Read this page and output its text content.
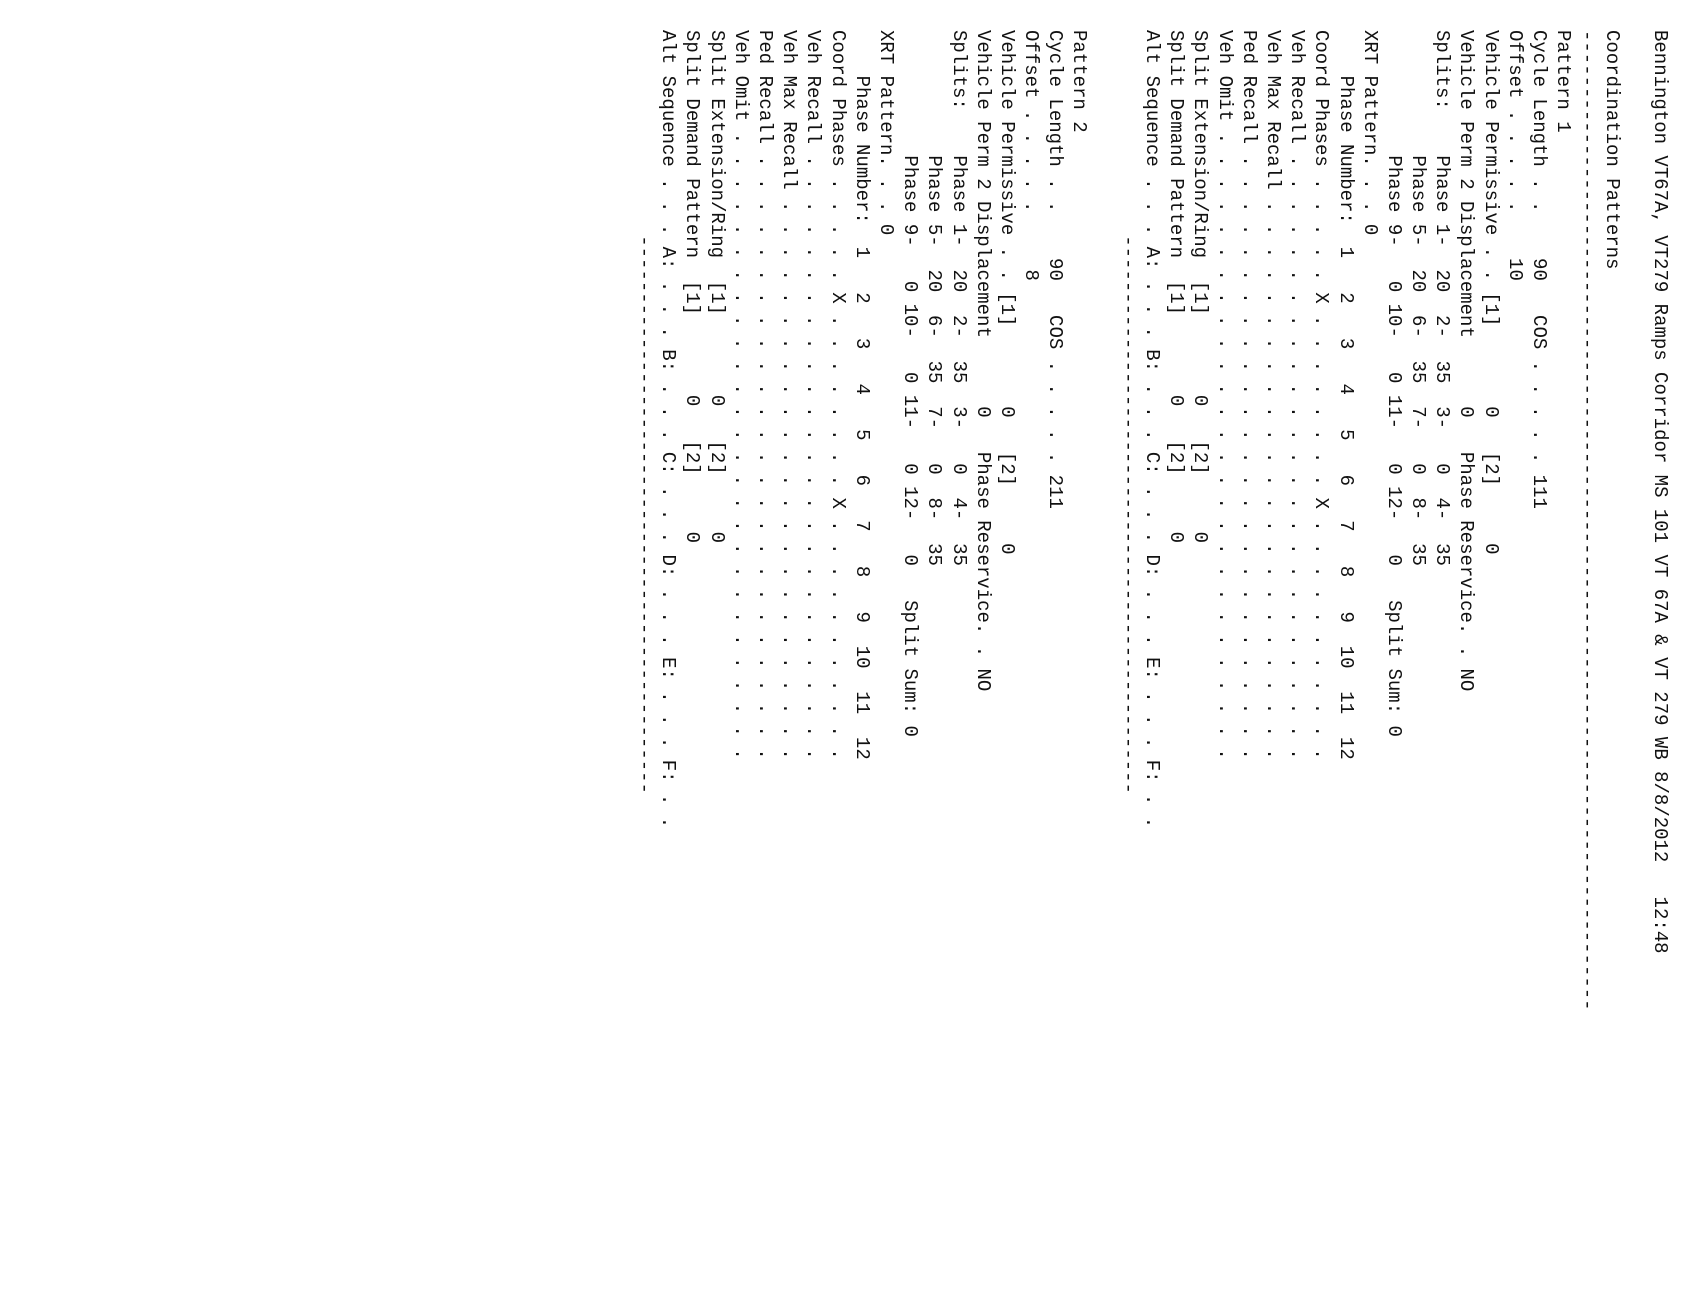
Bennington VT67A, VT279 Ramps Corridor MS 101 VT 67A & VT 279 WB 8/8/2012   12:48
Coordination Patterns
--------------------------------------------------------------------------------------
Pattern 1
Cycle Length . .    90   COS . . . . . 111
Offset . . . . .    10
Vehicle Permissive . . [1]       0   [2]     0
Vehicle Perm 2 Displacement      0   Phase Reservice. . NO
Splits:    Phase 1-  20  2-  35  3-   0  4-  35
Phase 5-  20  6-  35  7-   0  8-  35
Phase 9-   0 10-   0 11-   0 12-   0   Split Sum: 0
XRT Pattern. . . 0
Phase Number:  1   2   3   4   5   6   7   8   9  10  11  12
Coord Phases . . . . . X . . . . . . . . X . . . . . . . . . . .
Veh Recall . . . . . . . . . . . . . . . . . . . . . . . . . . .
Veh Max Recall . . . . . . . . . . . . . . . . . . . . . . . . .
Ped Recall . . . . . . . . . . . . . . . . . . . . . . . . . . .
Veh Omit . . . . . . . . . . . . . . . . . . . . . . . . . . . .
Split Extension/Ring  [1]       0   [2]     0
Split Demand Pattern  [1]       0   [2]     0
Alt Sequence . . . A: . . . B: . . . C: . . . D: . . . E: . . . F: . .
-------------------------------------------------
Pattern 2
Cycle Length . .    90   COS . . . . . 211
Offset . . . . .     8
Vehicle Permissive . . [1]       0   [2]     0
Vehicle Perm 2 Displacement      0   Phase Reservice. . NO
Splits:    Phase 1-  20  2-  35  3-   0  4-  35
Phase 5-  20  6-  35  7-   0  8-  35
Phase 9-   0 10-   0 11-   0 12-   0   Split Sum: 0
XRT Pattern. . . 0
Phase Number:  1   2   3   4   5   6   7   8   9  10  11  12
Coord Phases . . . . . X . . . . . . . . X . . . . . . . . . . .
Veh Recall . . . . . . . . . . . . . . . . . . . . . . . . . . .
Veh Max Recall . . . . . . . . . . . . . . . . . . . . . . . . .
Ped Recall . . . . . . . . . . . . . . . . . . . . . . . . . . .
Veh Omit . . . . . . . . . . . . . . . . . . . . . . . . . . . .
Split Extension/Ring  [1]       0   [2]     0
Split Demand Pattern  [1]       0   [2]     0
Alt Sequence . . . A: . . . B: . . . C: . . . D: . . . E: . . . F: . .
-------------------------------------------------
